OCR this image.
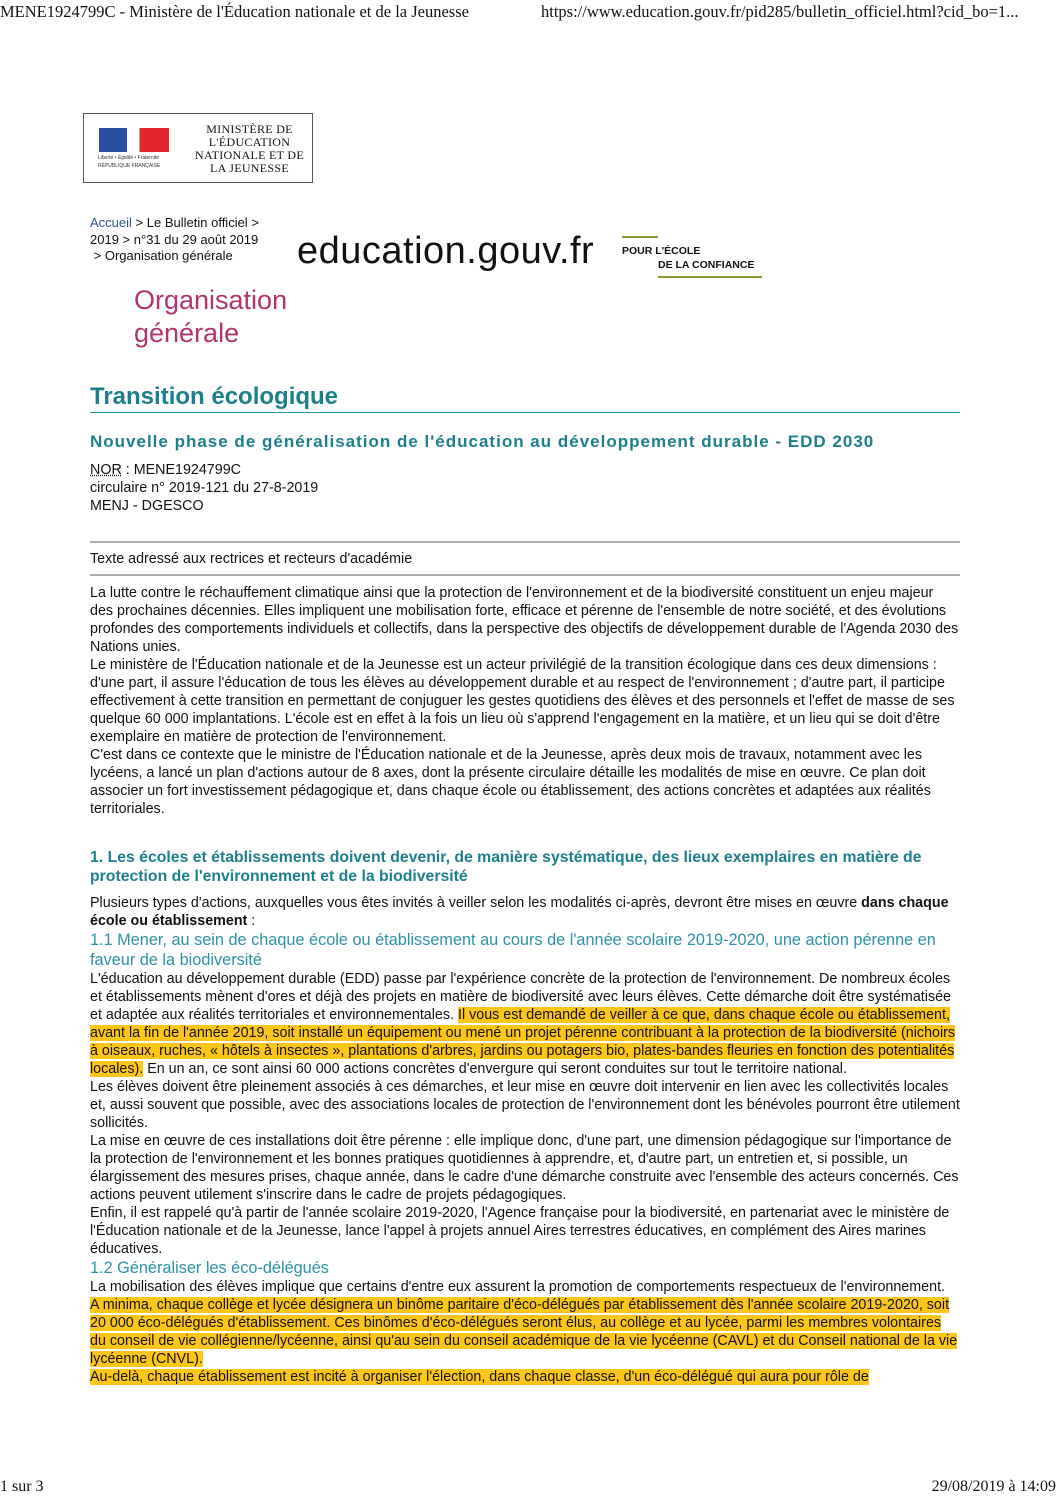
MENE1924799C - Ministère de l'Éducation nationale et de la Jeunesse	https://www.education.gouv.fr/pid285/bulletin_officiel.html?cid_bo=1...
Liberté • Égalité • Fraternité RÉPUBLIQUE FRANÇAISE
MINISTÈRE DE L'ÉDUCATION NATIONALE ET DE LA JEUNESSE
Accueil > Le Bulletin officiel >
2019 > n°31 du 29 août 2019
> Organisation générale	education.gouv.fr	POUR L'ÉCOLE
DE LA CONFIANCE
Organisation générale
Transition écologique
Nouvelle phase de généralisation de l'éducation au développement durable - EDD 2030
NOR : MENE1924799C
circulaire n° 2019-121 du 27-8-2019
MENJ - DGESCO
Texte adressé aux rectrices et recteurs d'académie

La lutte contre le réchauffement climatique ainsi que la protection de l'environnement et de la biodiversité constituent un enjeu majeur des prochaines décennies. Elles impliquent une mobilisation forte, efficace et pérenne de l'ensemble de notre société, et des évolutions profondes des comportements individuels et collectifs, dans la perspective des objectifs de développement durable de l'Agenda 2030 des Nations unies.

Le ministère de l'Éducation nationale et de la Jeunesse est un acteur privilégié de la transition écologique dans ces deux dimensions : d'une part, il assure l'éducation de tous les élèves au développement durable et au respect de l'environnement ; d'autre part, il participe effectivement à cette transition en permettant de conjuguer les gestes quotidiens des élèves et des personnels et l'effet de masse de ses quelque 60 000 implantations. L'école est en effet à la fois un lieu où s'apprend l'engagement en la matière, et un lieu qui se doit d'être exemplaire en matière de protection de l'environnement.

C'est dans ce contexte que le ministre de l'Éducation nationale et de la Jeunesse, après deux mois de travaux, notamment avec les lycéens, a lancé un plan d'actions autour de 8 axes, dont la présente circulaire détaille les modalités de mise en œuvre. Ce plan doit associer un fort investissement pédagogique et, dans chaque école ou établissement, des actions concrètes et adaptées aux réalités territoriales.

1. Les écoles et établissements doivent devenir, de manière systématique, des lieux exemplaires en matière de protection de l'environnement et de la biodiversité

Plusieurs types d'actions, auxquelles vous êtes invités à veiller selon les modalités ci-après, devront être mises en œuvre dans chaque école ou établissement :

1.1 Mener, au sein de chaque école ou établissement au cours de l'année scolaire 2019-2020, une action pérenne en faveur de la biodiversité

L'éducation au développement durable (EDD) passe par l'expérience concrète de la protection de l'environnement. De nombreux écoles et établissements mènent d'ores et déjà des projets en matière de biodiversité avec leurs élèves. Cette démarche doit être systématisée et adaptée aux réalités territoriales et environnementales. Il vous est demandé de veiller à ce que, dans chaque école ou établissement, avant la fin de l'année 2019, soit installé un équipement ou mené un projet pérenne contribuant à la protection de la biodiversité (nichoirs à oiseaux, ruches, « hôtels à insectes », plantations d'arbres, jardins ou potagers bio, plates-bandes fleuries en fonction des potentialités locales). En un an, ce sont ainsi 60 000 actions concrètes d'envergure qui seront conduites sur tout le territoire national.

Les élèves doivent être pleinement associés à ces démarches, et leur mise en œuvre doit intervenir en lien avec les collectivités locales et, aussi souvent que possible, avec des associations locales de protection de l'environnement dont les bénévoles pourront être utilement sollicités.

La mise en œuvre de ces installations doit être pérenne : elle implique donc, d'une part, une dimension pédagogique sur l'importance de la protection de l'environnement et les bonnes pratiques quotidiennes à apprendre, et, d'autre part, un entretien et, si possible, un élargissement des mesures prises, chaque année, dans le cadre d'une démarche construite avec l'ensemble des acteurs concernés. Ces actions peuvent utilement s'inscrire dans le cadre de projets pédagogiques.

Enfin, il est rappelé qu'à partir de l'année scolaire 2019-2020, l'Agence française pour la biodiversité, en partenariat avec le ministère de l'Éducation nationale et de la Jeunesse, lance l'appel à projets annuel Aires terrestres éducatives, en complément des Aires marines éducatives.

1.2 Généraliser les éco-délégués

La mobilisation des élèves implique que certains d'entre eux assurent la promotion de comportements respectueux de l'environnement.

A minima, chaque collège et lycée désignera un binôme paritaire d'éco-délégués par établissement dès l'année scolaire 2019-2020, soit 20 000 éco-délégués d'établissement. Ces binômes d'éco-délégués seront élus, au collège et au lycée, parmi les membres volontaires du conseil de vie collégienne/lycéenne, ainsi qu'au sein du conseil académique de la vie lycéenne (CAVL) et du Conseil national de la vie lycéenne (CNVL).

Au-delà, chaque établissement est incité à organiser l'élection, dans chaque classe, d'un éco-délégué qui aura pour rôle de

1 sur 3	29/08/2019 à 14:09
